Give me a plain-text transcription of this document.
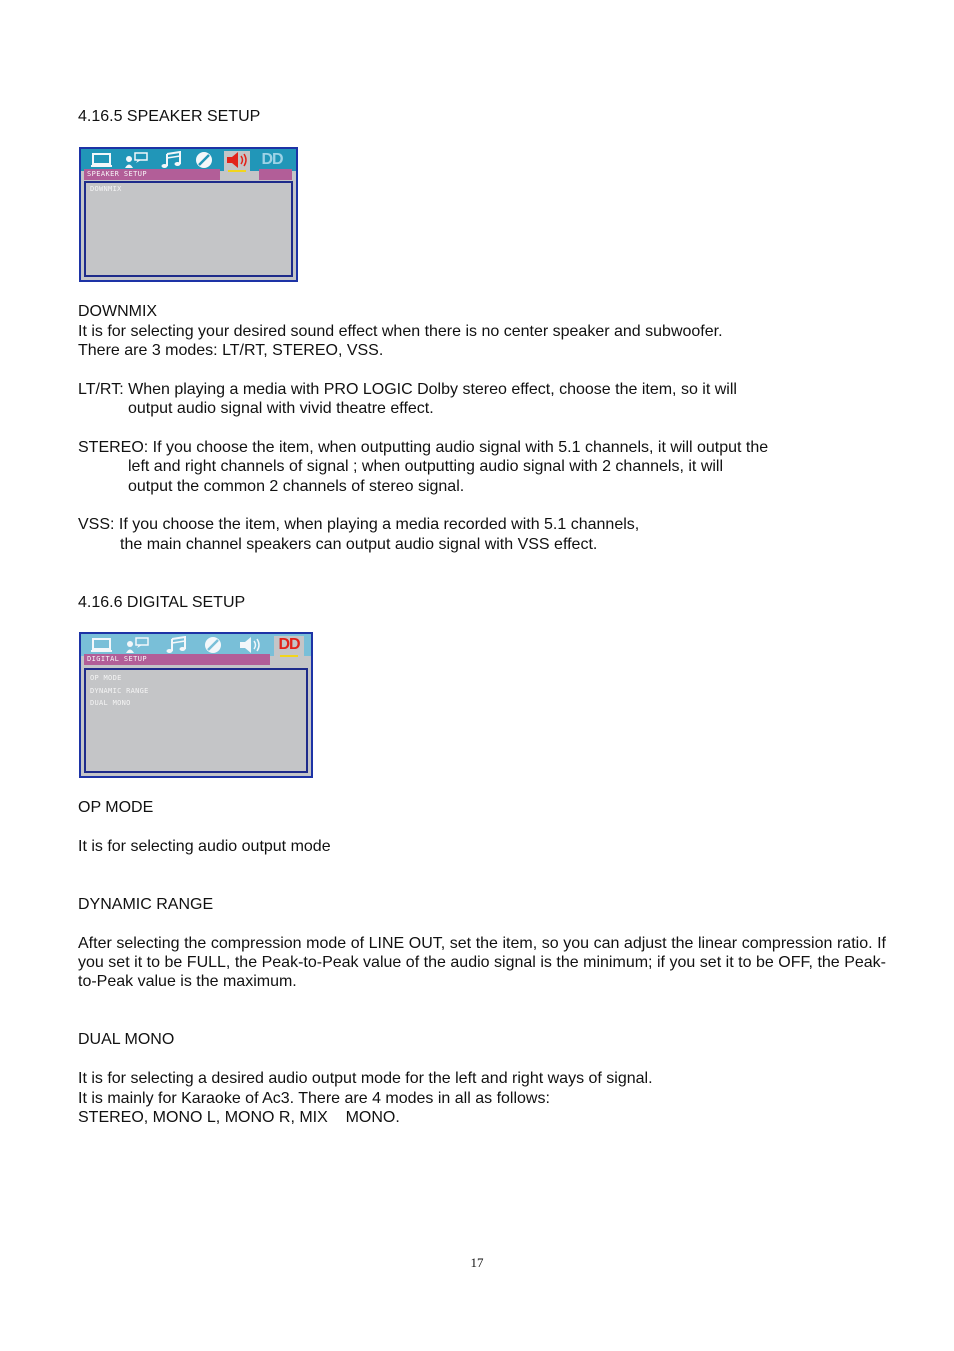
4.16.5 SPEAKER SETUP
DD
SPEAKER SETUP
DOWNMIX
DOWNMIX
It is for selecting your desired sound effect when there is no center speaker and subwoofer.
There are 3 modes: LT/RT, STEREO, VSS.
LT/RT: When playing a media with PRO LOGIC Dolby stereo effect, choose the item, so it will
output audio signal with vivid theatre effect.
STEREO: If you choose the item, when outputting audio signal with 5.1 channels, it will output the
left and right channels of signal ; when outputting audio signal with 2 channels, it will
output the common 2 channels of stereo signal.
VSS: If you choose the item, when playing a media recorded with 5.1 channels,
the main channel speakers can output audio signal with VSS effect.
4.16.6 DIGITAL SETUP
DD
DIGITAL SETUP
OP MODE
DYNAMIC RANGE
DUAL MONO
OP MODE
It is for selecting audio output mode
DYNAMIC RANGE
After selecting the compression mode of LINE OUT, set the item, so you can adjust the linear compression ratio. If you set it to be FULL, the Peak-to-Peak value of the audio signal is the minimum; if you set it to be OFF, the Peak-to-Peak value is the maximum.
DUAL MONO
It is for selecting a desired audio output mode for the left and right ways of signal.
It is mainly for Karaoke of Ac3. There are 4 modes in all as follows:
STEREO, MONO L, MONO R, MIX    MONO.
17
